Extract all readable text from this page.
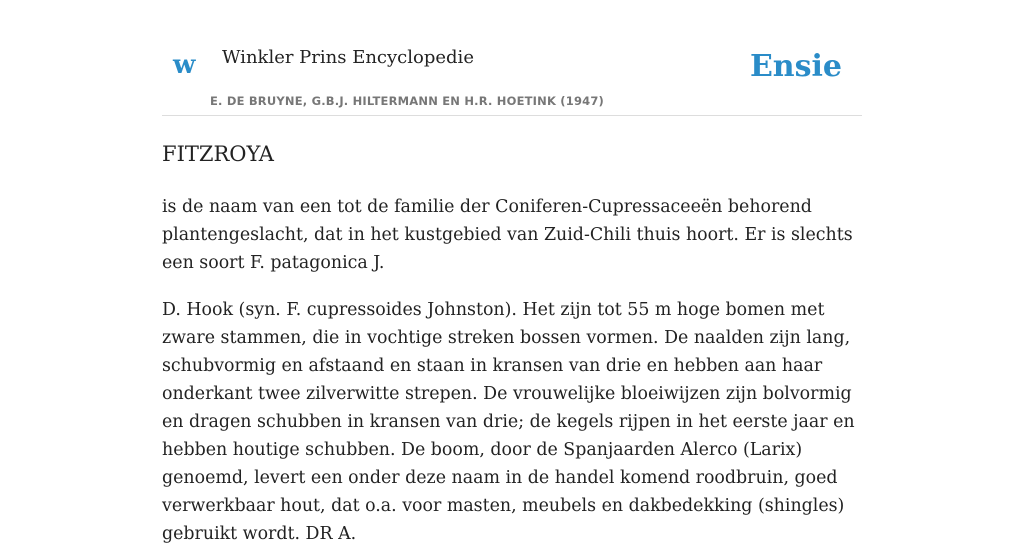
w Winkler Prins Encyclopedie
E. DE BRUYNE, G.B.J. HILTERMANN EN H.R. HOETINK (1947)
Ensie
FITZROYA

is de naam van een tot de familie der Coniferen-Cupressaceeën behorend plantengeslacht, dat in het kustgebied van Zuid-Chili thuis hoort. Er is slechts een soort F. patagonica J.

D. Hook (syn. F. cupressoides Johnston). Het zijn tot 55 m hoge bomen met zware stammen, die in vochtige streken bossen vormen. De naalden zijn lang, schubvormig en afstaand en staan in kransen van drie en hebben aan haar onderkant twee zilverwitte strepen. De vrouwelijke bloeiwijzen zijn bolvormig en dragen schubben in kransen van drie; de kegels rijpen in het eerste jaar en hebben houtige schubben. De boom, door de Spanjaarden Alerco (Larix) genoemd, levert een onder deze naam in de handel komend roodbruin, goed verwerkbaar hout, dat o.a. voor masten, meubels en dakbedekking (shingles) gebruikt wordt. DR A.
